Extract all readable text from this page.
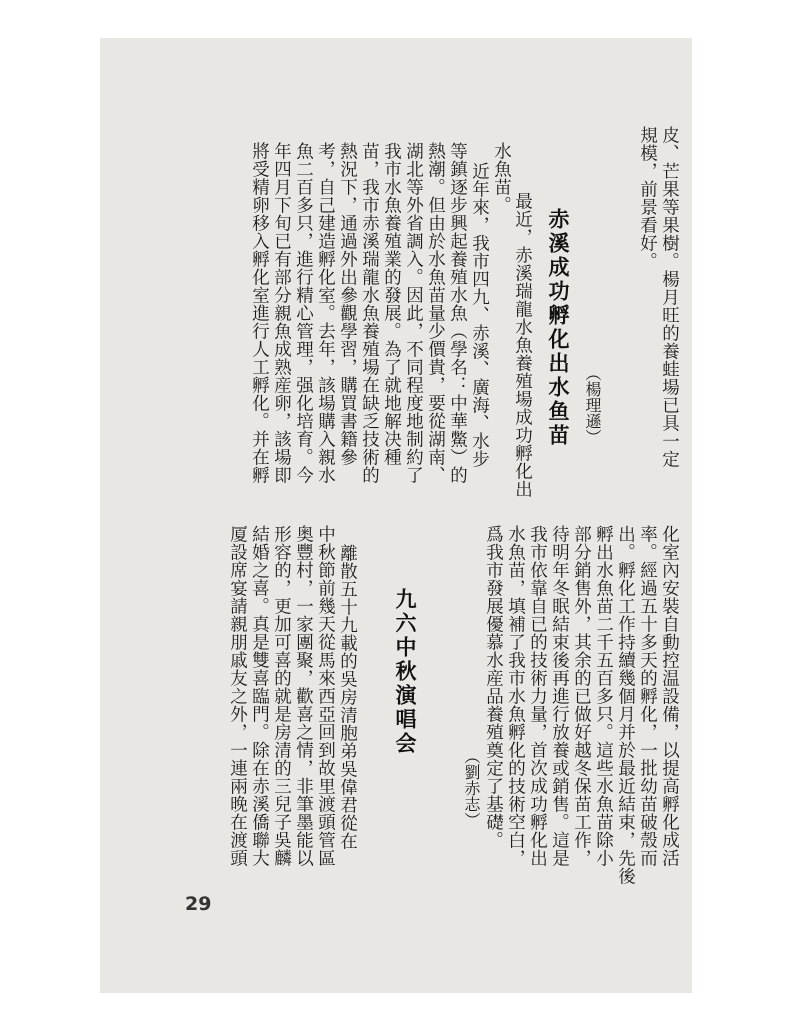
皮、芒果等果樹。楊月旺的養蛙場已具一定
規模，前景看好。
（楊理遜）
赤溪成功孵化出水鱼苗
最近，赤溪瑞龍水魚養殖場成功孵化出
水魚苗。
近年來，我市四九、赤溪、廣海、水步
等鎮逐步興起養殖水魚（學名：中華鱉）的
熱潮。但由於水魚苗量少價貴，要從湖南、
湖北等外省調入。因此，不同程度地制約了
我市水魚養殖業的發展。為了就地解决種
苗，我市赤溪瑞龍水魚養殖場在缺乏技術的
熱況下，通過外出參觀學習，購買書籍參
考，自己建造孵化室。去年，該場購入親水
魚二百多只，進行精心管理，强化培育。今
年四月下旬已有部分親魚成熟産卵，該場即
將受精卵移入孵化室進行人工孵化。并在孵
化室內安裝自動控温設備，以提高孵化成活
率。經過五十多天的孵化，一批幼苗破殼而
出。孵化工作持續幾個月并於最近結束，先後
孵出水魚苗二千五百多只。這些水魚苗除小
部分銷售外，其余的已做好越冬保苗工作，
待明年冬眠結束後再進行放養或銷售。這是
我市依靠自已的技術力量，首次成功孵化出
水魚苗，填補了我市水魚孵化的技術空白，
爲我市發展優慕水産品養殖奠定了基礎。
（劉赤志）
九六中秋演唱会
離散五十九載的吳房清胞弟吳偉君從在
中秋節前幾天從馬來西亞回到故里渡頭管區
奥豐村，一家團聚，歡喜之情，非筆墨能以
形容的，更加可喜的就是房清的三兒子吳麟
結婚之喜。真是雙喜臨門。除在赤溪僑聯大
厦設席宴請親朋戚友之外，一連兩晚在渡頭
29
